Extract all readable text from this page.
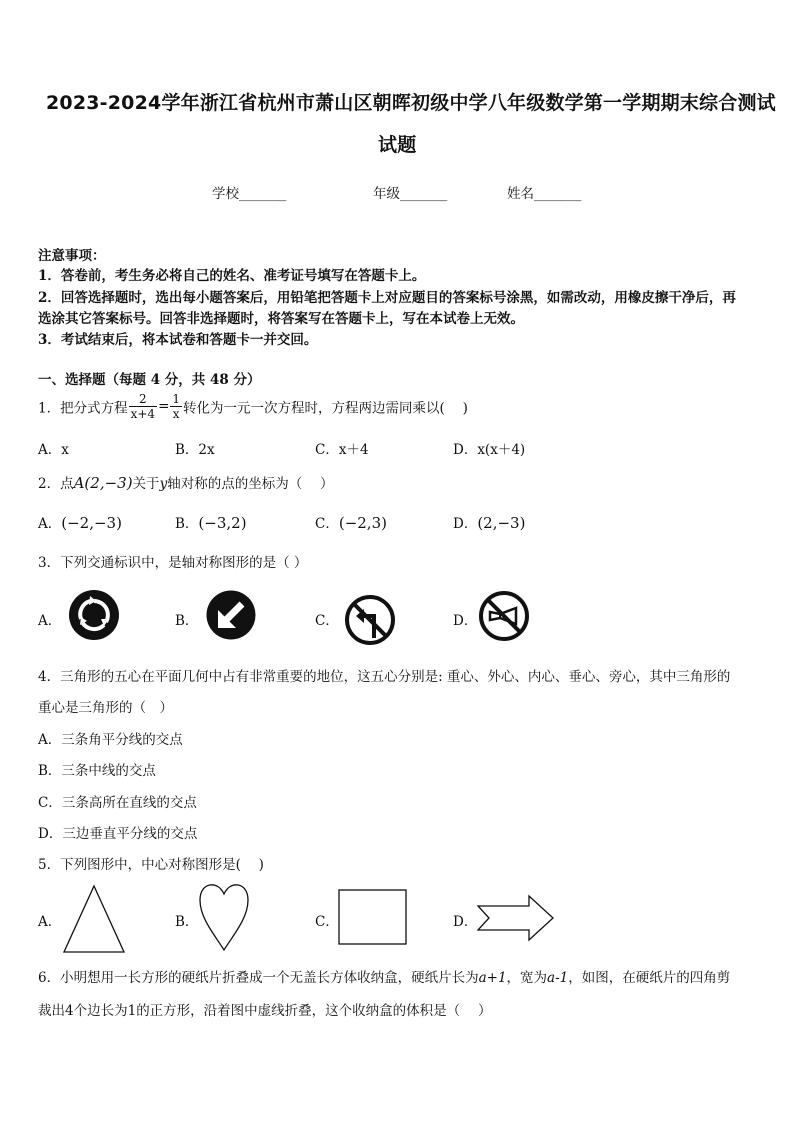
2023-2024学年浙江省杭州市萧山区朝晖初级中学八年级数学第一学期期末综合测试
试题
学校_______	年级_______	姓名_______
注意事项：
1．答卷前，考生务必将自己的姓名、准考证号填写在答题卡上。
2．回答选择题时，选出每小题答案后，用铅笔把答题卡上对应题目的答案标号涂黑，如需改动，用橡皮擦干净后，再
选涂其它答案标号。回答非选择题时，将答案写在答题卡上，写在本试卷上无效。
3．考试结束后，将本试卷和答题卡一并交回。
一、选择题（每题 4 分，共 48 分）
1．把分式方程 $\frac{2}{x+4} = \frac{1}{x}$ 转化为一元一次方程时，方程两边需同乘以(　 )
A．x	B．2x	C．x＋4	D．x(x＋4)
2．点A(2,−3)关于y轴对称的点的坐标为（　 ）
A．(−2,−3)	B．(−3,2)	C．(−2,3)	D．(2,−3)
3．下列交通标识中，是轴对称图形的是（ ）
A．	B．	C．	D．
4．三角形的五心在平面几何中占有非常重要的地位，这五心分别是: 重心、外心、内心、垂心、旁心，其中三角形的
重心是三角形的（　）
A．三条角平分线的交点
B．三条中线的交点
C．三条高所在直线的交点
D．三边垂直平分线的交点
5．下列图形中，中心对称图形是(　 )
A．	B．	C．	D．
6．小明想用一长方形的硬纸片折叠成一个无盖长方体收纳盒，硬纸片长为a+1，宽为a-1，如图，在硬纸片的四角剪
裁出4个边长为1的正方形，沿着图中虚线折叠，这个收纳盒的体积是（　 ）
